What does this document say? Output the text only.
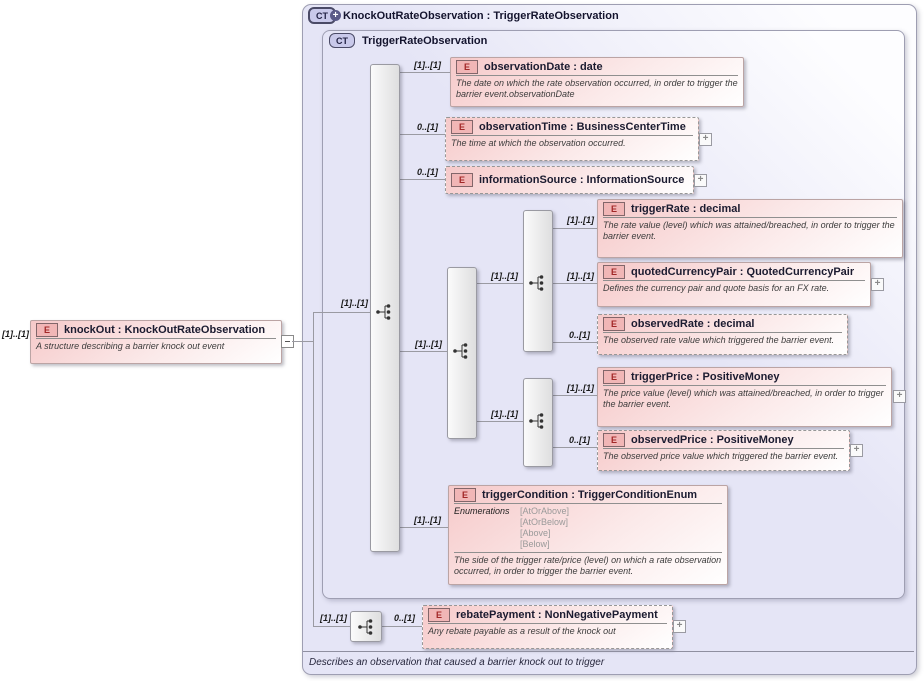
CT + KnockOutRateObservation : TriggerRateObservation
CT TriggerRateObservation
[1]..[1]	E	knockOut : KnockOutRateObservation
A structure describing a barrier knock out event
[1]..[1]
[1]..[1]
[1]..[1]
[1]..[1]
[1]..[1]
[1]..[1]	E	observationDate : date
The date on which the rate observation occurred, in order to trigger the barrier event.observationDate
0..[1]	E	observationTime : BusinessCenterTime
The time at which the observation occurred.	+
0..[1]
E	informationSource : InformationSource	+
[1]..[1]
E	triggerRate : decimal
The rate value (level) which was attained/breached, in order to trigger the barrier event.
[1]..[1]	E	quotedCurrencyPair : QuotedCurrencyPair
Defines the currency pair and quote basis for an FX rate.	+
0..[1]
E	observedRate : decimal
The observed rate value which triggered the barrier event.
[1]..[1]
E	triggerPrice : PositiveMoney
The price value (level) which was attained/breached, in order to trigger the barrier event.
+
0..[1]	E	observedPrice : PositiveMoney
The observed price value which triggered the barrier event.
+
[1]..[1]
E	triggerCondition : TriggerConditionEnum
Enumerations	[AtOrAbove]
[AtOrBelow]
[Above]
[Below]
The side of the trigger rate/price (level) on which a rate observation occurred, in order to trigger the barrier event.
0..[1]	E	rebatePayment : NonNegativePayment
Any rebate payable as a result of the knock out	+
Describes an observation that caused a barrier knock out to trigger
